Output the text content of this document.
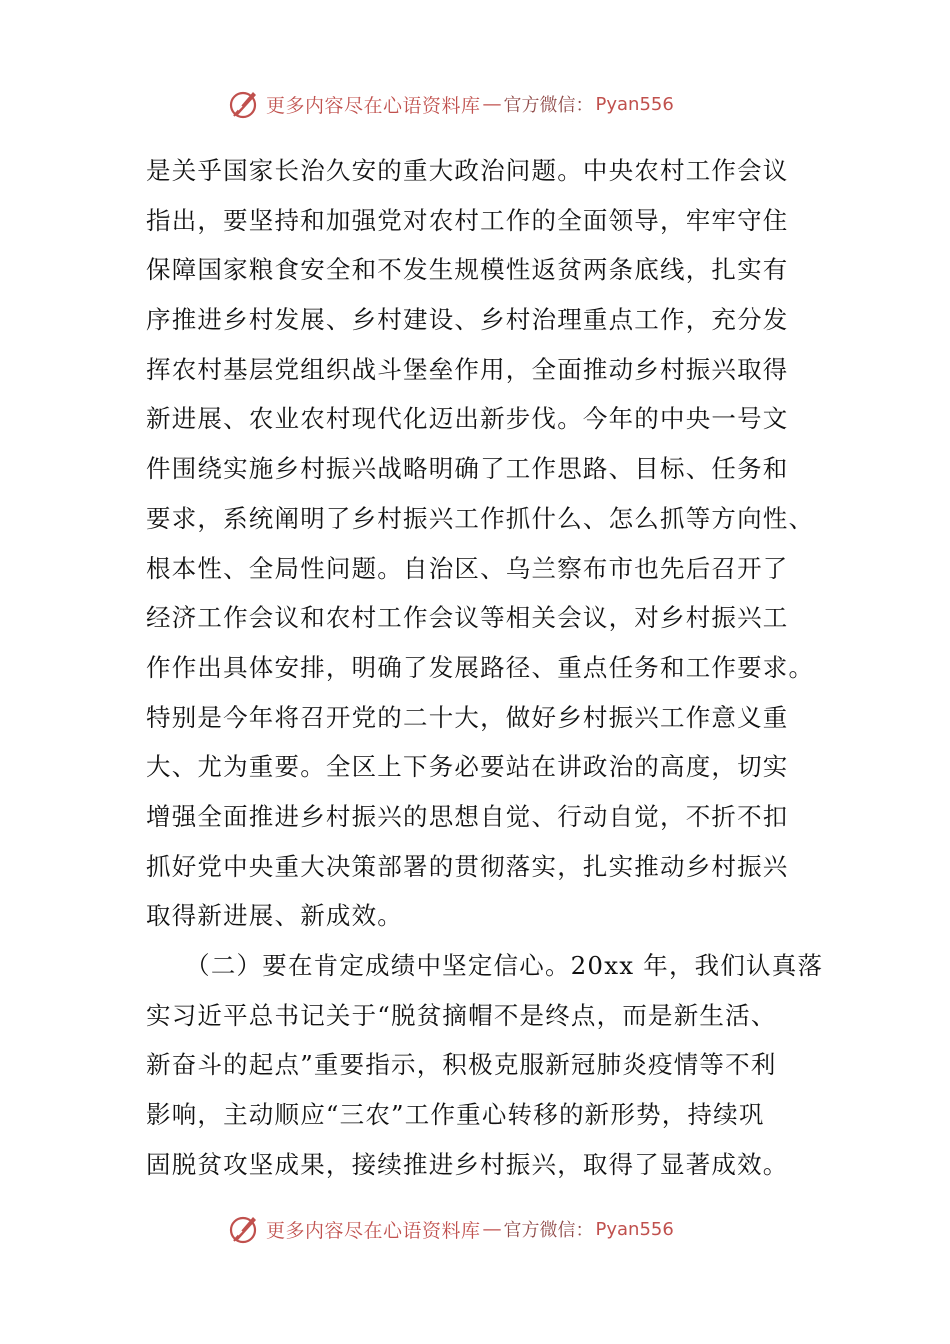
更多内容尽在心语资料库 — 官方微信： Pyan556
是关乎国家长治久安的重大政治问题。中央农村工作会议
指出，要坚持和加强党对农村工作的全面领导，牢牢守住
保障国家粮食安全和不发生规模性返贫两条底线，扎实有
序推进乡村发展、乡村建设、乡村治理重点工作，充分发
挥农村基层党组织战斗堡垒作用，全面推动乡村振兴取得
新进展、农业农村现代化迈出新步伐。今年的中央一号文
件围绕实施乡村振兴战略明确了工作思路、目标、任务和
要求，系统阐明了乡村振兴工作抓什么、怎么抓等方向性、
根本性、全局性问题。自治区、乌兰察布市也先后召开了
经济工作会议和农村工作会议等相关会议，对乡村振兴工
作作出具体安排，明确了发展路径、重点任务和工作要求。
特别是今年将召开党的二十大，做好乡村振兴工作意义重
大、尤为重要。全区上下务必要站在讲政治的高度，切实
增强全面推进乡村振兴的思想自觉、行动自觉，不折不扣
抓好党中央重大决策部署的贯彻落实，扎实推动乡村振兴
取得新进展、新成效。
　　（二）要在肯定成绩中坚定信心。20xx 年，我们认真落
实习近平总书记关于“脱贫摘帽不是终点，而是新生活、
新奋斗的起点”重要指示，积极克服新冠肺炎疫情等不利
影响，主动顺应“三农”工作重心转移的新形势，持续巩
固脱贫攻坚成果，接续推进乡村振兴，取得了显著成效。
更多内容尽在心语资料库 — 官方微信： Pyan556
